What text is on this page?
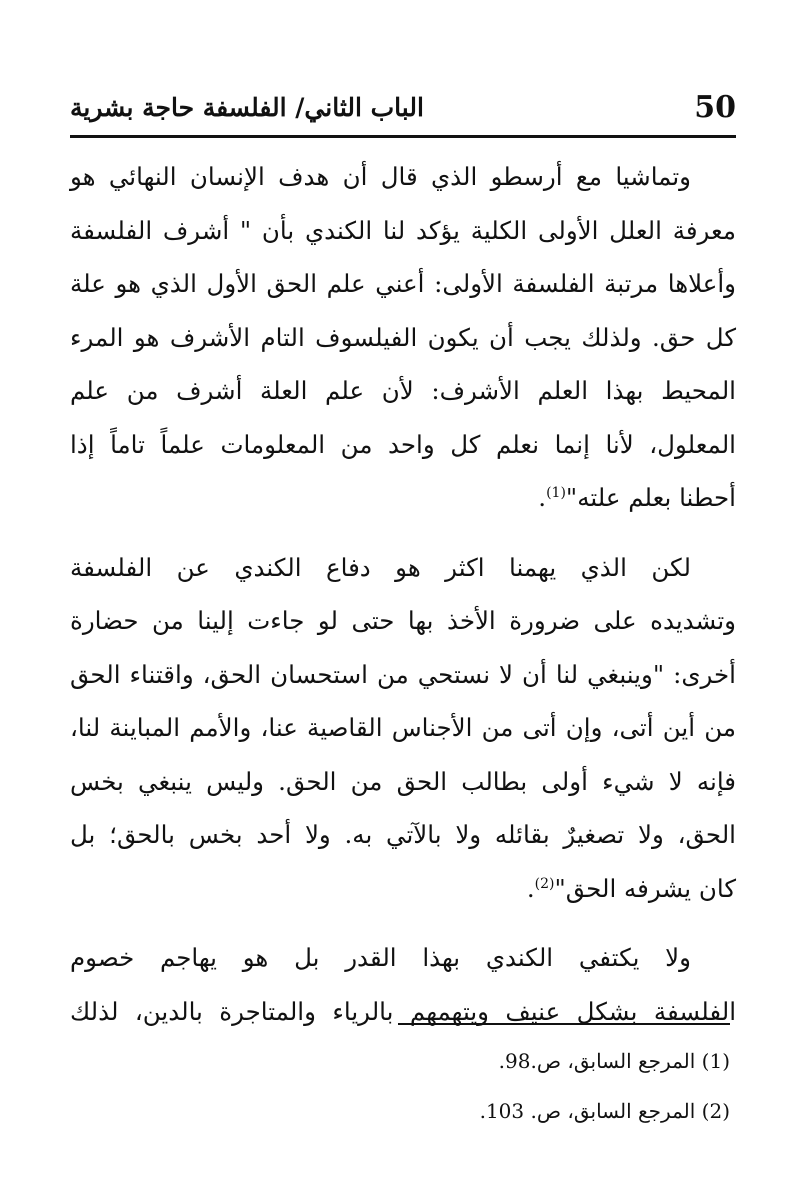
50
الباب الثاني/ الفلسفة حاجة بشرية

وتماشيا مع أرسطو الذي قال أن هدف الإنسان النهائي هو
معرفة العلل الأولى الكلية يؤكد لنا الكندي بأن " أشرف الفلسفة
وأعلاها مرتبة الفلسفة الأولى: أعني علم الحق الأول الذي هو علة
كل حق. ولذلك يجب أن يكون الفيلسوف التام الأشرف هو المرء
المحيط بهذا العلم الأشرف: لأن علم العلة أشرف من علم
المعلول، لأنا إنما نعلم كل واحد من المعلومات علماً تاماً إذا
أحطنا بعلم علته"$^{(1)}$.

لكن الذي يهمنا اكثر هو دفاع الكندي عن الفلسفة
وتشديده على ضرورة الأخذ بها حتى لو جاءت إلينا من حضارة
أخرى: "وينبغي لنا أن لا نستحي من استحسان الحق، واقتناء الحق
من أين أتى، وإن أتى من الأجناس القاصية عنا، والأمم المباينة لنا،
فإنه لا شيء أولى بطالب الحق من الحق. وليس ينبغي بخس
الحق، ولا تصغيرٌ بقائله ولا بالآتي به. ولا أحد بخس بالحق؛ بل
كان يشرفه الحق"$^{(2)}$.

ولا يكتفي الكندي بهذا القدر بل هو يهاجم خصوم
الفلسفة بشكل عنيف ويتهمهم بالرياء والمتاجرة بالدين، لذلك

(1) المرجع السابق، ص.98.
(2) المرجع السابق، ص. 103.
